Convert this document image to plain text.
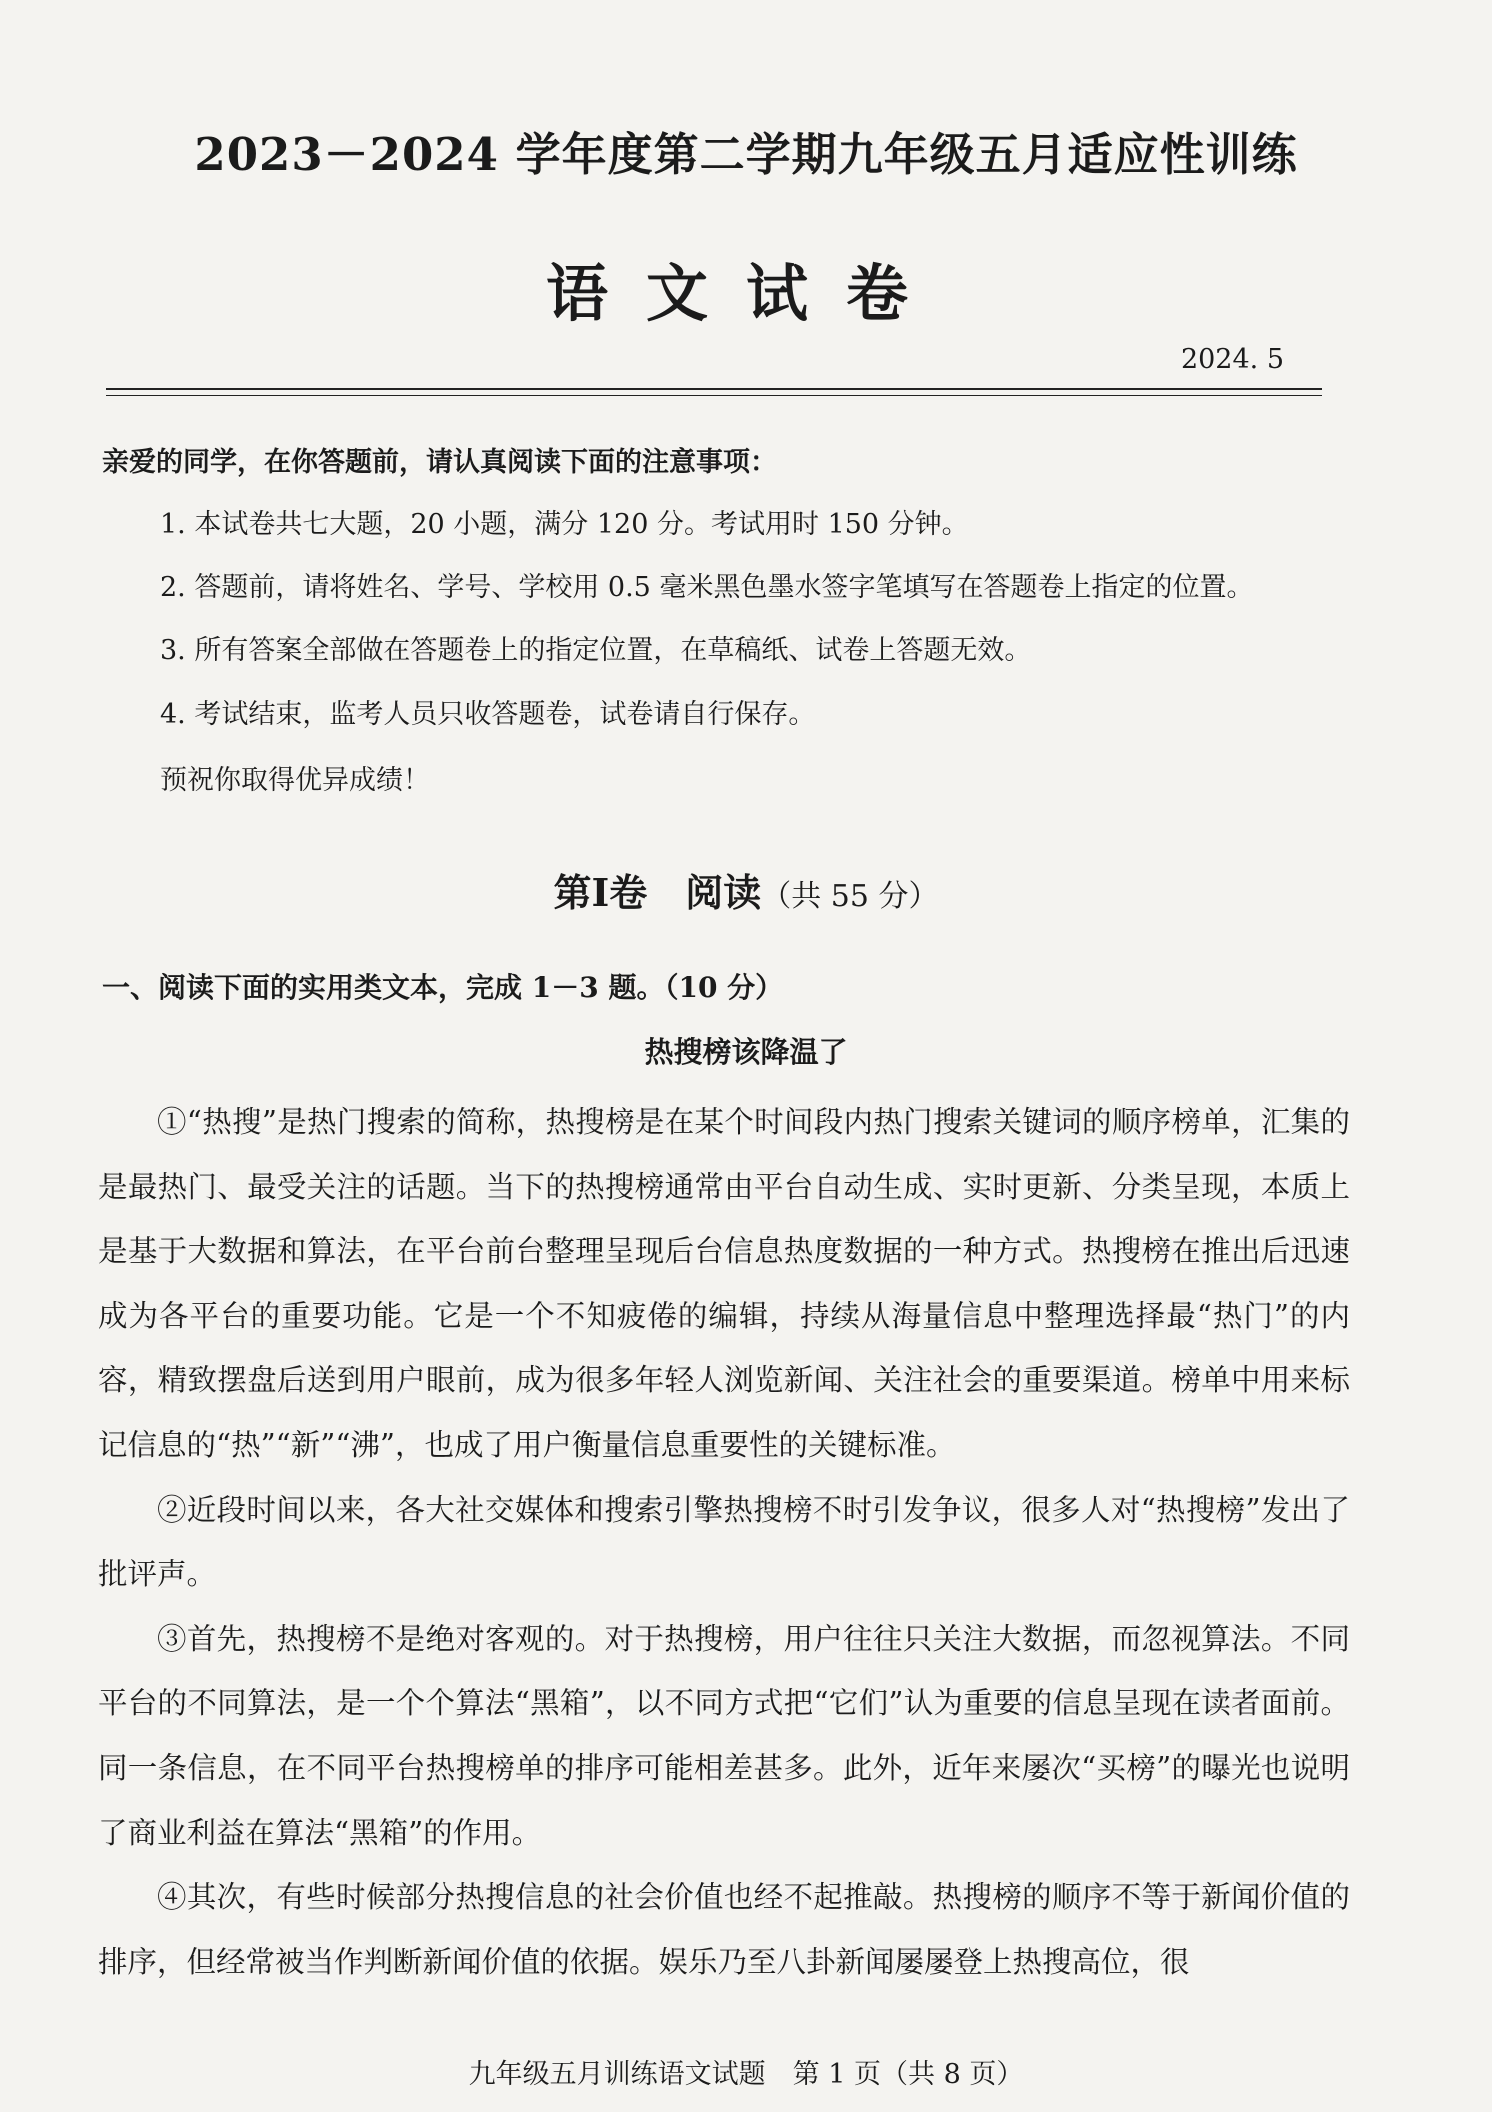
2023－2024 学年度第二学期九年级五月适应性训练
语文试卷
2024. 5
亲爱的同学，在你答题前，请认真阅读下面的注意事项：
1. 本试卷共七大题，20 小题，满分 120 分。考试用时 150 分钟。
2. 答题前，请将姓名、学号、学校用 0.5 毫米黑色墨水签字笔填写在答题卷上指定的位置。
3. 所有答案全部做在答题卷上的指定位置，在草稿纸、试卷上答题无效。
4. 考试结束，监考人员只收答题卷，试卷请自行保存。
预祝你取得优异成绩！
第Ⅰ卷　阅读（共 55 分）
一、阅读下面的实用类文本，完成 1－3 题。（10 分）
热搜榜该降温了

①“热搜”是热门搜索的简称，热搜榜是在某个时间段内热门搜索关键词的顺序榜单，汇集的是最热门、最受关注的话题。当下的热搜榜通常由平台自动生成、实时更新、分类呈现，本质上是基于大数据和算法，在平台前台整理呈现后台信息热度数据的一种方式。热搜榜在推出后迅速成为各平台的重要功能。它是一个不知疲倦的编辑，持续从海量信息中整理选择最“热门”的内容，精致摆盘后送到用户眼前，成为很多年轻人浏览新闻、关注社会的重要渠道。榜单中用来标记信息的“热”“新”“沸”，也成了用户衡量信息重要性的关键标准。

②近段时间以来，各大社交媒体和搜索引擎热搜榜不时引发争议，很多人对“热搜榜”发出了批评声。

③首先，热搜榜不是绝对客观的。对于热搜榜，用户往往只关注大数据，而忽视算法。不同平台的不同算法，是一个个算法“黑箱”，以不同方式把“它们”认为重要的信息呈现在读者面前。同一条信息，在不同平台热搜榜单的排序可能相差甚多。此外，近年来屡次“买榜”的曝光也说明了商业利益在算法“黑箱”的作用。

④其次，有些时候部分热搜信息的社会价值也经不起推敲。热搜榜的顺序不等于新闻价值的排序，但经常被当作判断新闻价值的依据。娱乐乃至八卦新闻屡屡登上热搜高位，很

九年级五月训练语文试题　第 1 页（共 8 页）
